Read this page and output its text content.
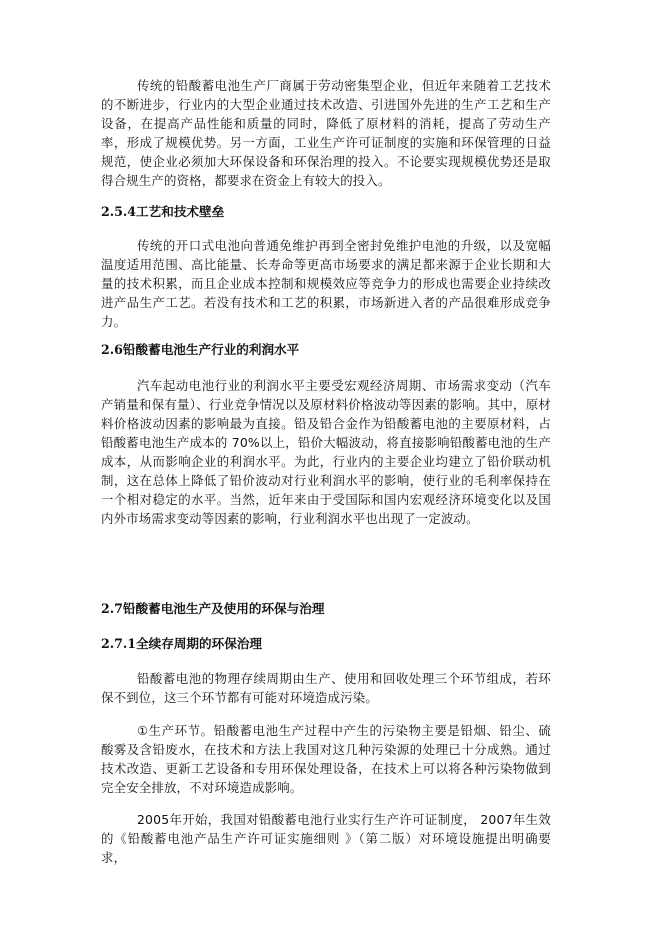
传统的铅酸蓄电池生产厂商属于劳动密集型企业，但近年来随着工艺技术的不断进步，行业内的大型企业通过技术改造、引进国外先进的生产工艺和生产设备，在提高产品性能和质量的同时，降低了原材料的消耗，提高了劳动生产率，形成了规模优势。另一方面，工业生产许可证制度的实施和环保管理的日益规范，使企业必须加大环保设备和环保治理的投入。不论要实现规模优势还是取得合规生产的资格，都要求在资金上有较大的投入。

2.5.4工艺和技术壁垒

传统的开口式电池向普通免维护再到全密封免维护电池的升级，以及宽幅温度适用范围、高比能量、长寿命等更高市场要求的满足都来源于企业长期和大量的技术积累，而且企业成本控制和规模效应等竞争力的形成也需要企业持续改进产品生产工艺。若没有技术和工艺的积累，市场新进入者的产品很难形成竞争力。

2.6铅酸蓄电池生产行业的利润水平

汽车起动电池行业的利润水平主要受宏观经济周期、市场需求变动（汽车产销量和保有量）、行业竞争情况以及原材料价格波动等因素的影响。其中，原材料价格波动因素的影响最为直接。铅及铅合金作为铅酸蓄电池的主要原材料，占铅酸蓄电池生产成本的 70%以上，铅价大幅波动，将直接影响铅酸蓄电池的生产成本，从而影响企业的利润水平。为此，行业内的主要企业均建立了铅价联动机制，这在总体上降低了铅价波动对行业利润水平的影响，使行业的毛利率保持在一个相对稳定的水平。当然，近年来由于受国际和国内宏观经济环境变化以及国内外市场需求变动等因素的影响，行业利润水平也出现了一定波动。

2.7铅酸蓄电池生产及使用的环保与治理
2.7.1全续存周期的环保治理

铅酸蓄电池的物理存续周期由生产、使用和回收处理三个环节组成，若环保不到位，这三个环节都有可能对环境造成污染。

①生产环节。铅酸蓄电池生产过程中产生的污染物主要是铅烟、铅尘、硫酸雾及含铅废水，在技术和方法上我国对这几种污染源的处理已十分成熟。通过技术改造、更新工艺设备和专用环保处理设备，在技术上可以将各种污染物做到完全安全排放，不对环境造成影响。

2005年开始，我国对铅酸蓄电池行业实行生产许可证制度， 2007年生效的《铅酸蓄电池产品生产许可证实施细则 》（第二版）对环境设施提出明确要求，
